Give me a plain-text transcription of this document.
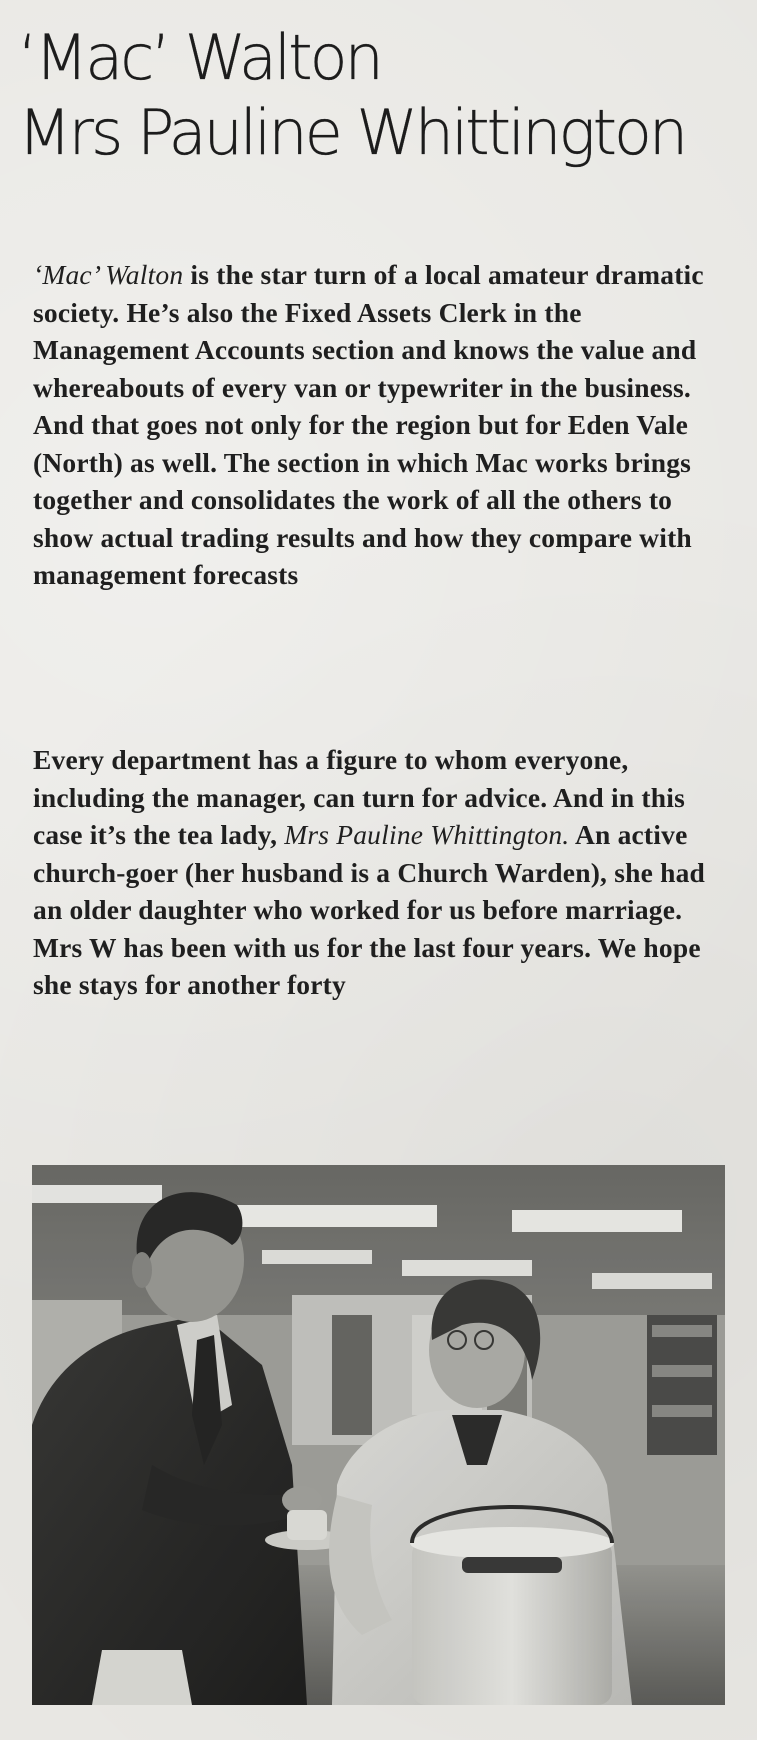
‘Mac’ Walton
Mrs Pauline Whittington

‘Mac’ Walton is the star turn of a local amateur dramatic society. He’s also the Fixed Assets Clerk in the Management Accounts section and knows the value and whereabouts of every van or typewriter in the business. And that goes not only for the region but for Eden Vale (North) as well. The section in which Mac works brings together and consolidates the work of all the others to show actual trading results and how they compare with management forecasts

Every department has a figure to whom everyone, including the manager, can turn for advice. And in this case it’s the tea lady, Mrs Pauline Whittington. An active church-goer (her husband is a Church Warden), she had an older daughter who worked for us before marriage. Mrs W has been with us for the last four years. We hope she stays for another forty
